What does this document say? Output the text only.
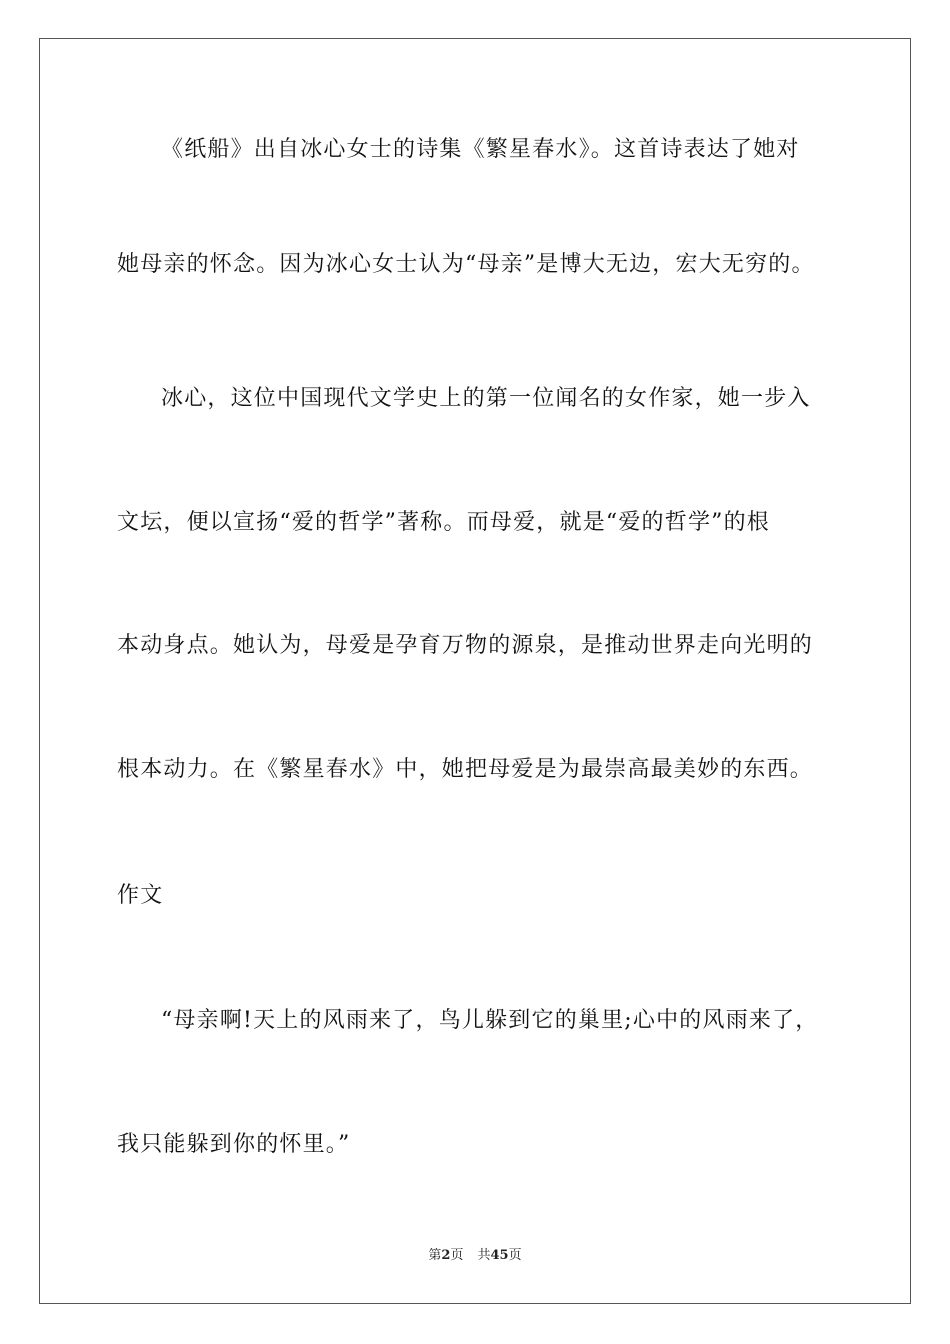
《纸船》出自冰心女士的诗集《繁星春水》。这首诗表达了她对
她母亲的怀念。因为冰心女士认为“母亲”是博大无边，宏大无穷的。
冰心，这位中国现代文学史上的第一位闻名的女作家，她一步入
文坛，便以宣扬“爱的哲学”著称。而母爱，就是“爱的哲学”的根
本动身点。她认为，母爱是孕育万物的源泉，是推动世界走向光明的
根本动力。在《繁星春水》中，她把母爱是为最崇高最美妙的东西。
作文
“母亲啊!天上的风雨来了，鸟儿躲到它的巢里;心中的风雨来了，
我只能躲到你的怀里。”
第2页 共45页
